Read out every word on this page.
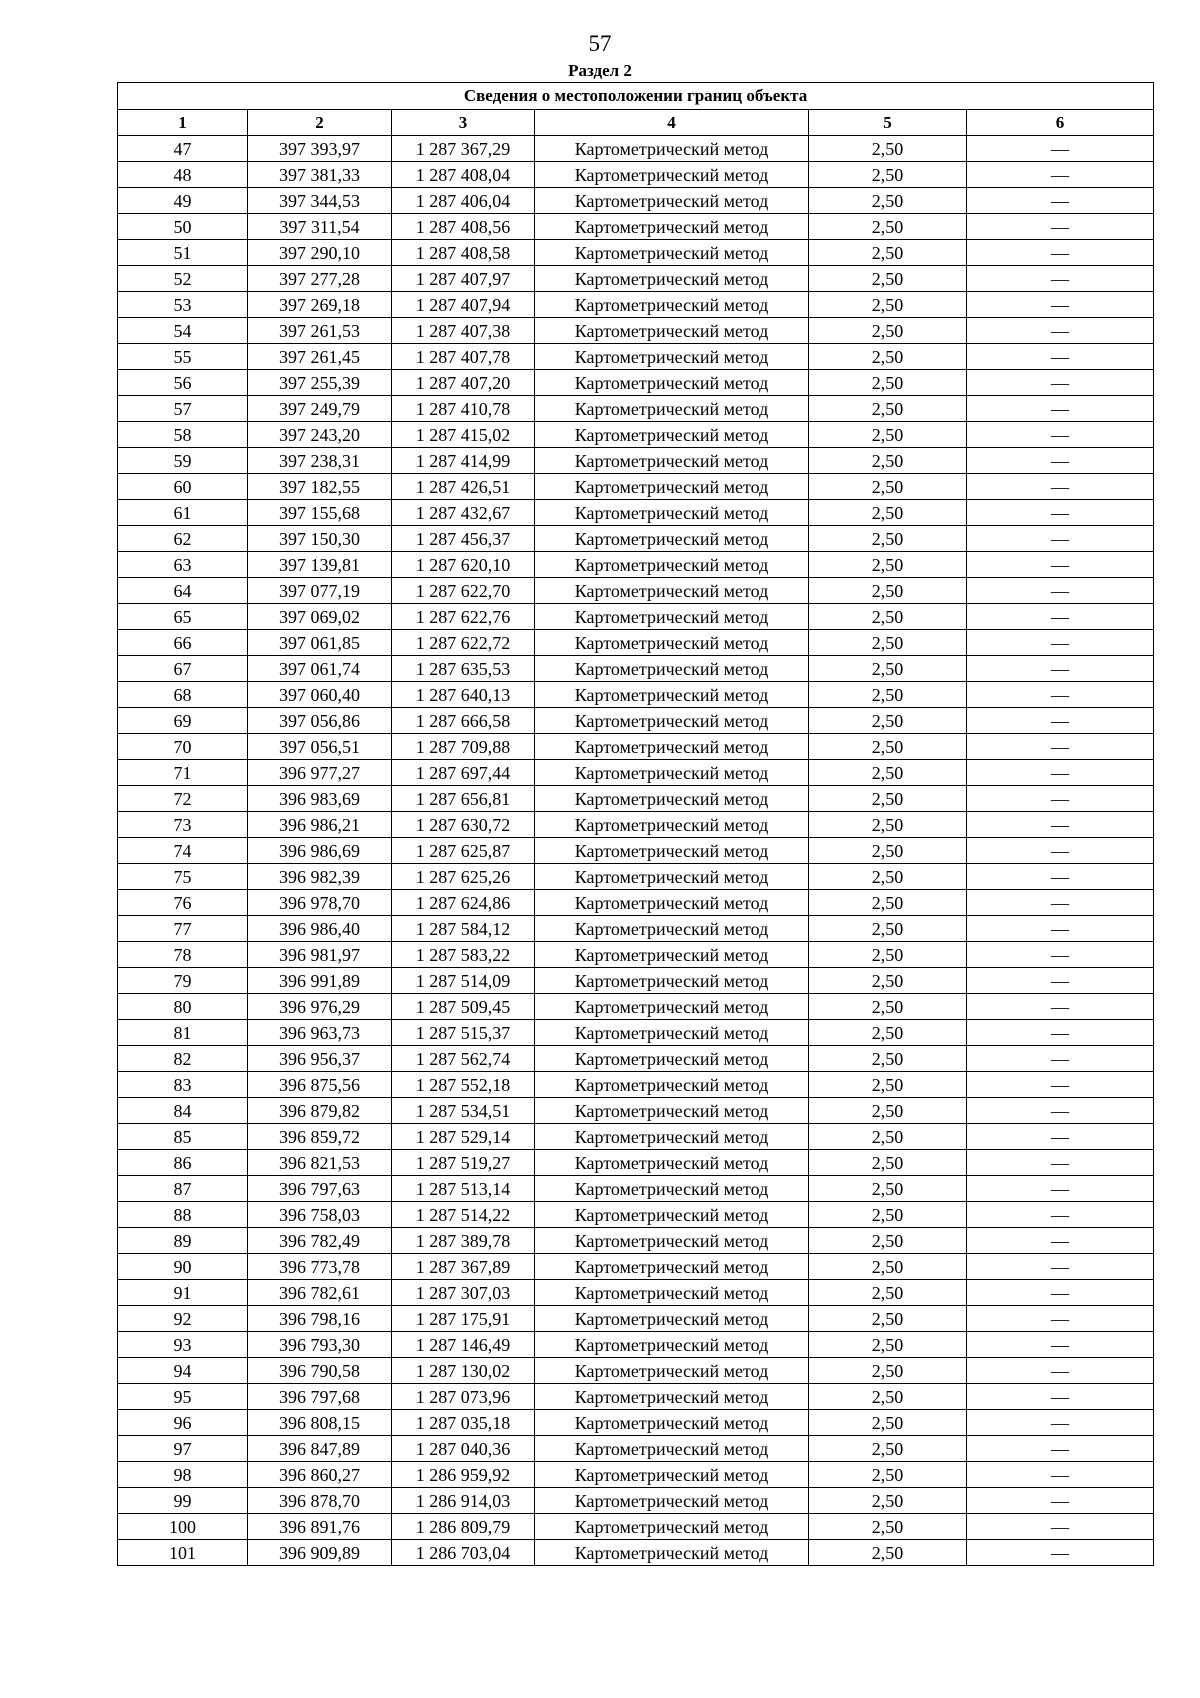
57
Раздел 2
Сведения о местоположении границ объекта					
1	2	3	4	5	6
47	397 393,97	1 287 367,29	Картометрический метод	2,50	—
48	397 381,33	1 287 408,04	Картометрический метод	2,50	—
49	397 344,53	1 287 406,04	Картометрический метод	2,50	—
50	397 311,54	1 287 408,56	Картометрический метод	2,50	—
51	397 290,10	1 287 408,58	Картометрический метод	2,50	—
52	397 277,28	1 287 407,97	Картометрический метод	2,50	—
53	397 269,18	1 287 407,94	Картометрический метод	2,50	—
54	397 261,53	1 287 407,38	Картометрический метод	2,50	—
55	397 261,45	1 287 407,78	Картометрический метод	2,50	—
56	397 255,39	1 287 407,20	Картометрический метод	2,50	—
57	397 249,79	1 287 410,78	Картометрический метод	2,50	—
58	397 243,20	1 287 415,02	Картометрический метод	2,50	—
59	397 238,31	1 287 414,99	Картометрический метод	2,50	—
60	397 182,55	1 287 426,51	Картометрический метод	2,50	—
61	397 155,68	1 287 432,67	Картометрический метод	2,50	—
62	397 150,30	1 287 456,37	Картометрический метод	2,50	—
63	397 139,81	1 287 620,10	Картометрический метод	2,50	—
64	397 077,19	1 287 622,70	Картометрический метод	2,50	—
65	397 069,02	1 287 622,76	Картометрический метод	2,50	—
66	397 061,85	1 287 622,72	Картометрический метод	2,50	—
67	397 061,74	1 287 635,53	Картометрический метод	2,50	—
68	397 060,40	1 287 640,13	Картометрический метод	2,50	—
69	397 056,86	1 287 666,58	Картометрический метод	2,50	—
70	397 056,51	1 287 709,88	Картометрический метод	2,50	—
71	396 977,27	1 287 697,44	Картометрический метод	2,50	—
72	396 983,69	1 287 656,81	Картометрический метод	2,50	—
73	396 986,21	1 287 630,72	Картометрический метод	2,50	—
74	396 986,69	1 287 625,87	Картометрический метод	2,50	—
75	396 982,39	1 287 625,26	Картометрический метод	2,50	—
76	396 978,70	1 287 624,86	Картометрический метод	2,50	—
77	396 986,40	1 287 584,12	Картометрический метод	2,50	—
78	396 981,97	1 287 583,22	Картометрический метод	2,50	—
79	396 991,89	1 287 514,09	Картометрический метод	2,50	—
80	396 976,29	1 287 509,45	Картометрический метод	2,50	—
81	396 963,73	1 287 515,37	Картометрический метод	2,50	—
82	396 956,37	1 287 562,74	Картометрический метод	2,50	—
83	396 875,56	1 287 552,18	Картометрический метод	2,50	—
84	396 879,82	1 287 534,51	Картометрический метод	2,50	—
85	396 859,72	1 287 529,14	Картометрический метод	2,50	—
86	396 821,53	1 287 519,27	Картометрический метод	2,50	—
87	396 797,63	1 287 513,14	Картометрический метод	2,50	—
88	396 758,03	1 287 514,22	Картометрический метод	2,50	—
89	396 782,49	1 287 389,78	Картометрический метод	2,50	—
90	396 773,78	1 287 367,89	Картометрический метод	2,50	—
91	396 782,61	1 287 307,03	Картометрический метод	2,50	—
92	396 798,16	1 287 175,91	Картометрический метод	2,50	—
93	396 793,30	1 287 146,49	Картометрический метод	2,50	—
94	396 790,58	1 287 130,02	Картометрический метод	2,50	—
95	396 797,68	1 287 073,96	Картометрический метод	2,50	—
96	396 808,15	1 287 035,18	Картометрический метод	2,50	—
97	396 847,89	1 287 040,36	Картометрический метод	2,50	—
98	396 860,27	1 286 959,92	Картометрический метод	2,50	—
99	396 878,70	1 286 914,03	Картометрический метод	2,50	—
100	396 891,76	1 286 809,79	Картометрический метод	2,50	—
101	396 909,89	1 286 703,04	Картометрический метод	2,50	—
